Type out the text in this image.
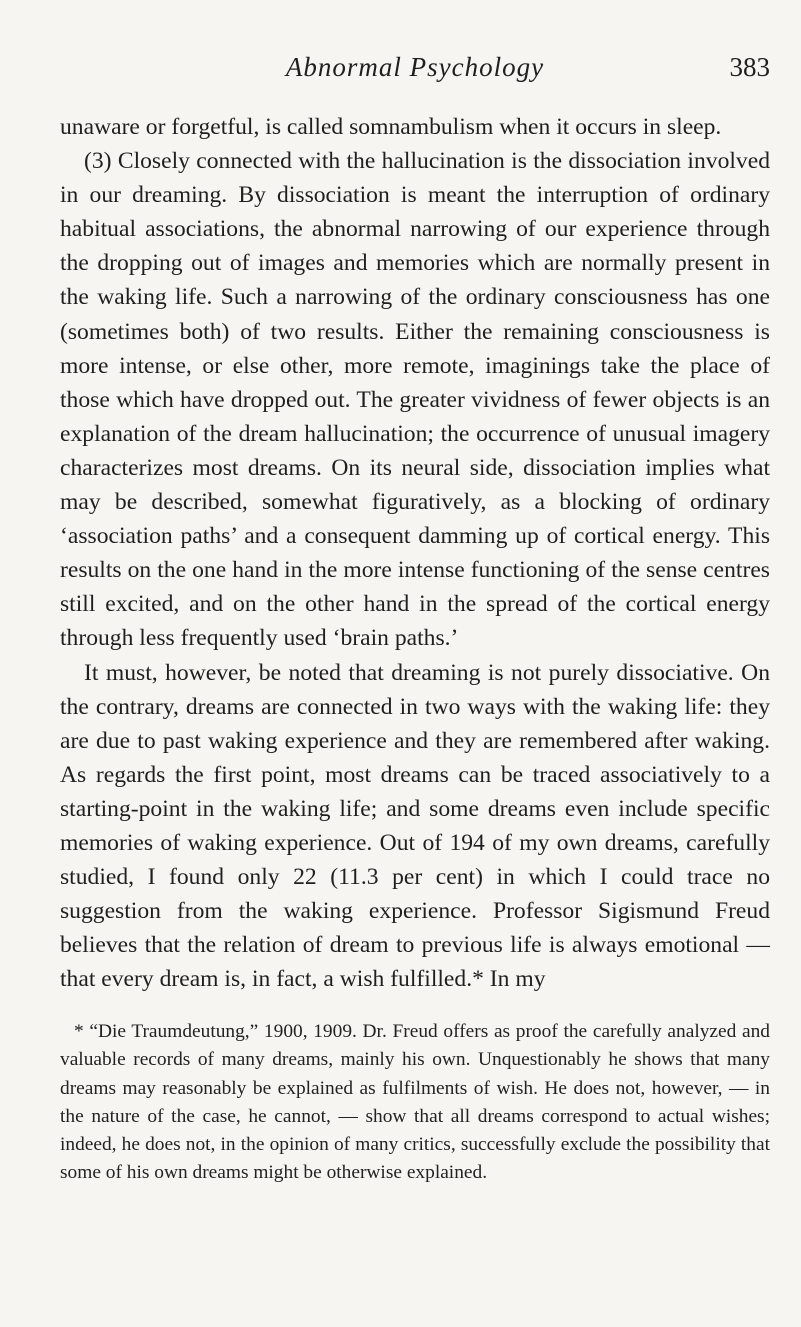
Abnormal Psychology	383

unaware or forgetful, is called somnambulism when it occurs in sleep.

(3) Closely connected with the hallucination is the dissociation involved in our dreaming. By dissociation is meant the interruption of ordinary habitual associations, the abnormal narrowing of our experience through the dropping out of images and memories which are normally present in the waking life. Such a narrowing of the ordinary consciousness has one (sometimes both) of two results. Either the remaining consciousness is more intense, or else other, more remote, imaginings take the place of those which have dropped out. The greater vividness of fewer objects is an explanation of the dream hallucination; the occurrence of unusual imagery characterizes most dreams. On its neural side, dissociation implies what may be described, somewhat figuratively, as a blocking of ordinary ‘association paths’ and a consequent damming up of cortical energy. This results on the one hand in the more intense functioning of the sense centres still excited, and on the other hand in the spread of the cortical energy through less frequently used ‘brain paths.’

It must, however, be noted that dreaming is not purely dissociative. On the contrary, dreams are connected in two ways with the waking life: they are due to past waking experience and they are remembered after waking. As regards the first point, most dreams can be traced associatively to a starting-point in the waking life; and some dreams even include specific memories of waking experience. Out of 194 of my own dreams, carefully studied, I found only 22 (11.3 per cent) in which I could trace no suggestion from the waking experience. Professor Sigismund Freud believes that the relation of dream to previous life is always emotional — that every dream is, in fact, a wish fulfilled.* In my

* “Die Traumdeutung,” 1900, 1909. Dr. Freud offers as proof the carefully analyzed and valuable records of many dreams, mainly his own. Unquestionably he shows that many dreams may reasonably be explained as fulfilments of wish. He does not, however, — in the nature of the case, he cannot, — show that all dreams correspond to actual wishes; indeed, he does not, in the opinion of many critics, successfully exclude the possibility that some of his own dreams might be otherwise explained.
